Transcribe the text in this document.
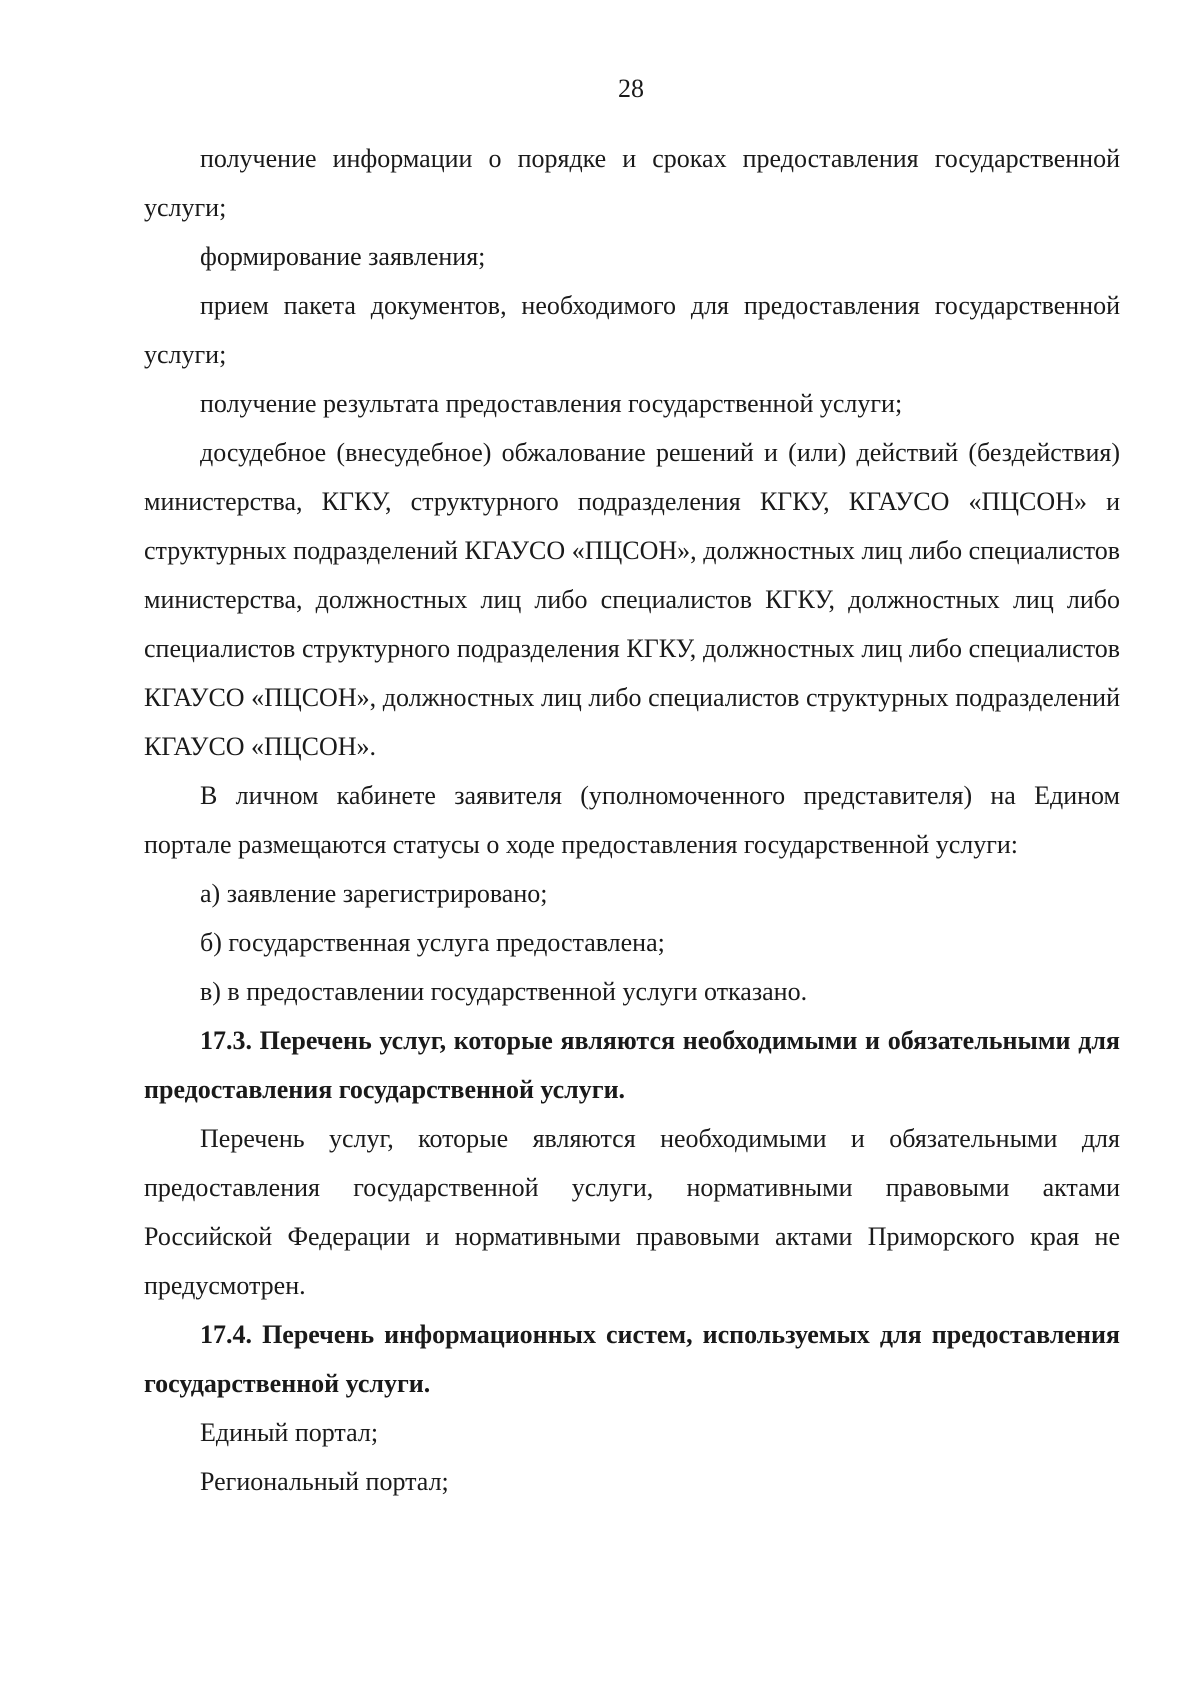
28

получение информации о порядке и сроках предоставления государственной услуги;

формирование заявления;

прием пакета документов, необходимого для предоставления государственной услуги;

получение результата предоставления государственной услуги;

досудебное (внесудебное) обжалование решений и (или) действий (бездействия) министерства, КГКУ, структурного подразделения КГКУ, КГАУСО «ПЦСОН» и структурных подразделений КГАУСО «ПЦСОН», должностных лиц либо специалистов министерства, должностных лиц либо специалистов КГКУ, должностных лиц либо специалистов структурного подразделения КГКУ, должностных лиц либо специалистов КГАУСО «ПЦСОН», должностных лиц либо специалистов структурных подразделений КГАУСО «ПЦСОН».

В личном кабинете заявителя (уполномоченного представителя) на Едином портале размещаются статусы о ходе предоставления государственной услуги:

а) заявление зарегистрировано;

б) государственная услуга предоставлена;

в) в предоставлении государственной услуги отказано.

17.3. Перечень услуг, которые являются необходимыми и обязательными для предоставления государственной услуги.

Перечень услуг, которые являются необходимыми и обязательными для предоставления государственной услуги, нормативными правовыми актами Российской Федерации и нормативными правовыми актами Приморского края не предусмотрен.

17.4. Перечень информационных систем, используемых для предоставления государственной услуги.

Единый портал;

Региональный портал;
